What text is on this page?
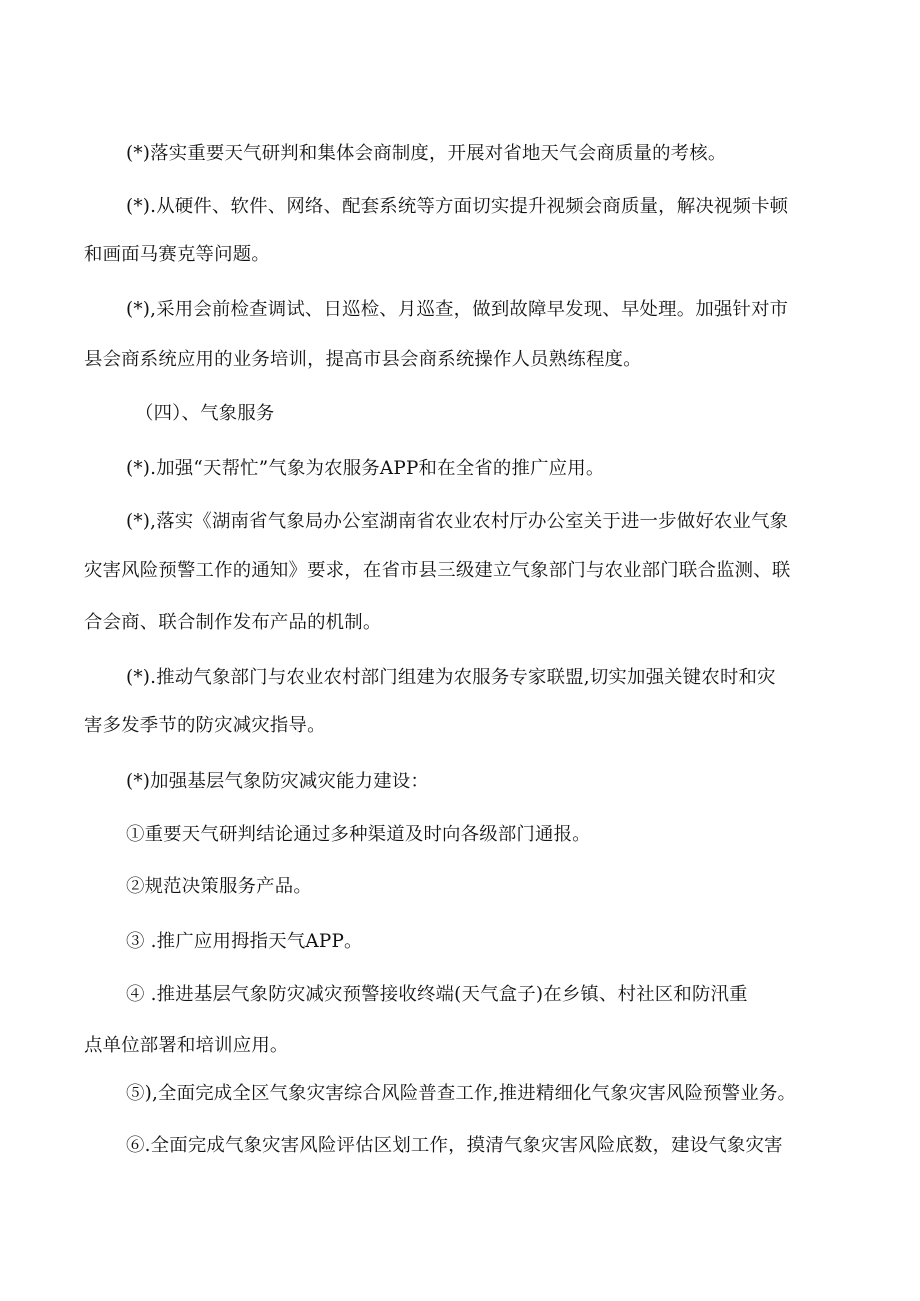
(*)落实重要天气研判和集体会商制度，开展对省地天气会商质量的考核。
(*).从硬件、软件、网络、配套系统等方面切实提升视频会商质量，解决视频卡顿
和画面马赛克等问题。
(*),采用会前检查调试、日巡检、月巡查，做到故障早发现、早处理。加强针对市
县会商系统应用的业务培训，提高市县会商系统操作人员熟练程度。
（四）、气象服务
(*).加强“天帮忙”气象为农服务APP和在全省的推广应用。
(*),落实《湖南省气象局办公室湖南省农业农村厅办公室关于进一步做好农业气象
灾害风险预警工作的通知》要求，在省市县三级建立气象部门与农业部门联合监测、联
合会商、联合制作发布产品的机制。
(*).推动气象部门与农业农村部门组建为农服务专家联盟,切实加强关键农时和灾
害多发季节的防灾减灾指导。
(*)加强基层气象防灾减灾能力建设：
①重要天气研判结论通过多种渠道及时向各级部门通报。
②规范决策服务产品。
③ .推广应用拇指天气APP。
④ .推进基层气象防灾减灾预警接收终端(天气盒子)在乡镇、村社区和防汛重
点单位部署和培训应用。
⑤),全面完成全区气象灾害综合风险普查工作,推进精细化气象灾害风险预警业务。
⑥.全面完成气象灾害风险评估区划工作，摸清气象灾害风险底数，建设气象灾害
